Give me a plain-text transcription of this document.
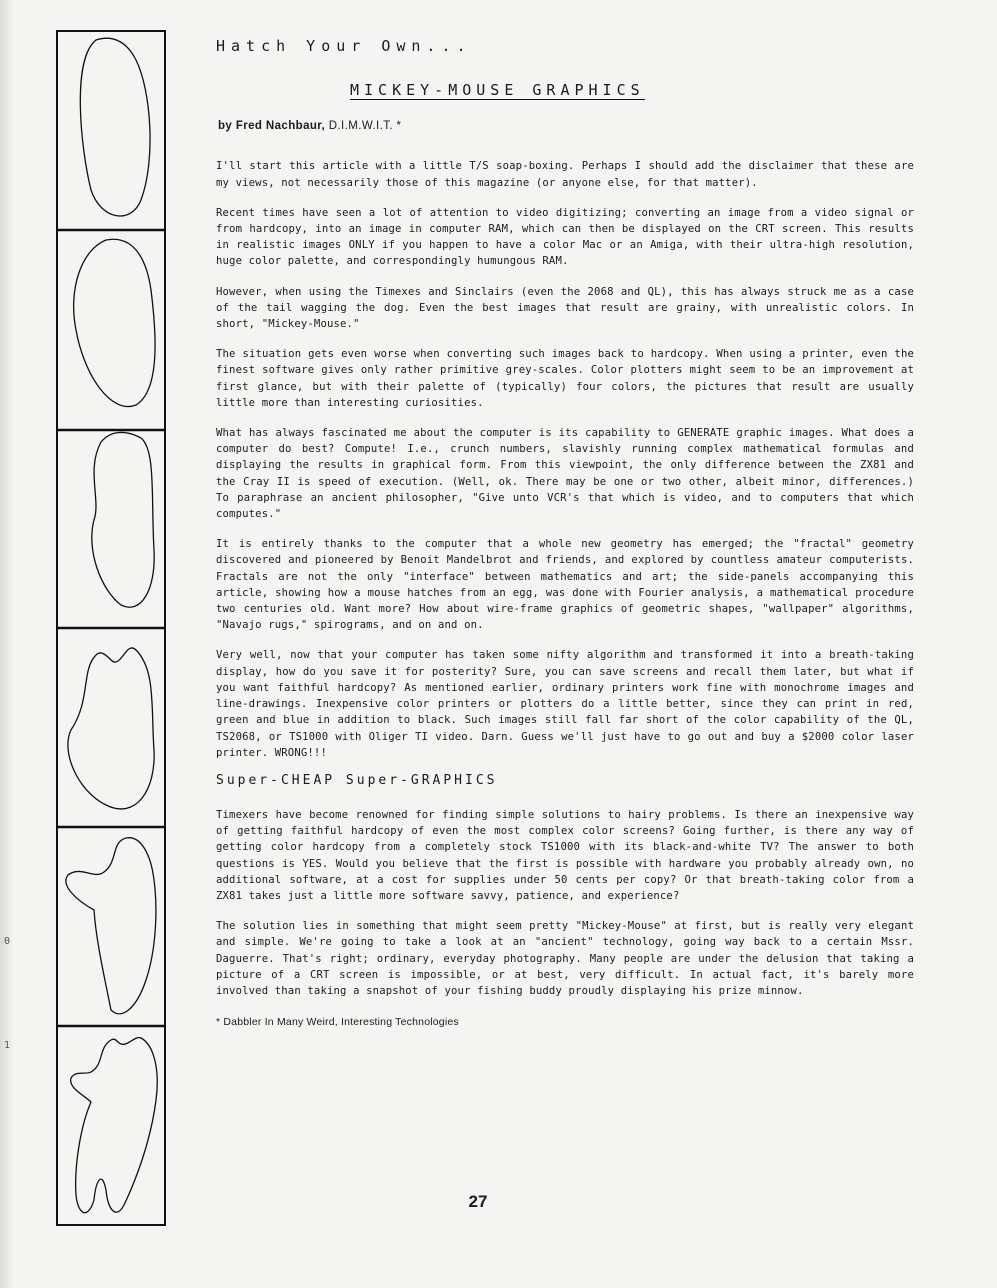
0
1
Hatch Your Own...
MICKEY-MOUSE GRAPHICS
by Fred Nachbaur, D.I.M.W.I.T. *

I'll start this article with a little T/S soap-boxing. Perhaps I should add the disclaimer that these are my views, not necessarily those of this magazine (or anyone else, for that matter).

Recent times have seen a lot of attention to video digitizing; converting an image from a video signal or from hardcopy, into an image in computer RAM, which can then be displayed on the CRT screen. This results in realistic images ONLY if you happen to have a color Mac or an Amiga, with their ultra-high resolution, huge color palette, and correspondingly humungous RAM.

However, when using the Timexes and Sinclairs (even the 2068 and QL), this has always struck me as a case of the tail wagging the dog. Even the best images that result are grainy, with unrealistic colors. In short, "Mickey-Mouse."

The situation gets even worse when converting such images back to hardcopy. When using a printer, even the finest software gives only rather primitive grey-scales. Color plotters might seem to be an improvement at first glance, but with their palette of (typically) four colors, the pictures that result are usually little more than interesting curiosities.

What has always fascinated me about the computer is its capability to GENERATE graphic images. What does a computer do best? Compute! I.e., crunch numbers, slavishly running complex mathematical formulas and displaying the results in graphical form. From this viewpoint, the only difference between the ZX81 and the Cray II is speed of execution. (Well, ok. There may be one or two other, albeit minor, differences.) To paraphrase an ancient philosopher, "Give unto VCR's that which is video, and to computers that which computes."

It is entirely thanks to the computer that a whole new geometry has emerged; the "fractal" geometry discovered and pioneered by Benoit Mandelbrot and friends, and explored by countless amateur computerists. Fractals are not the only "interface" between mathematics and art; the side-panels accompanying this article, showing how a mouse hatches from an egg, was done with Fourier analysis, a mathematical procedure two centuries old. Want more? How about wire-frame graphics of geometric shapes, "wallpaper" algorithms, "Navajo rugs," spirograms, and on and on.

Very well, now that your computer has taken some nifty algorithm and transformed it into a breath-taking display, how do you save it for posterity? Sure, you can save screens and recall them later, but what if you want faithful hardcopy? As mentioned earlier, ordinary printers work fine with monochrome images and line-drawings. Inexpensive color printers or plotters do a little better, since they can print in red, green and blue in addition to black. Such images still fall far short of the color capability of the QL, TS2068, or TS1000 with Oliger TI video. Darn. Guess we'll just have to go out and buy a $2000 color laser printer. WRONG!!!

Super-CHEAP Super-GRAPHICS

Timexers have become renowned for finding simple solutions to hairy problems. Is there an inexpensive way of getting faithful hardcopy of even the most complex color screens? Going further, is there any way of getting color hardcopy from a completely stock TS1000 with its black-and-white TV? The answer to both questions is YES. Would you believe that the first is possible with hardware you probably already own, no additional software, at a cost for supplies under 50 cents per copy? Or that breath-taking color from a ZX81 takes just a little more software savvy, patience, and experience?

The solution lies in something that might seem pretty "Mickey-Mouse" at first, but is really very elegant and simple. We're going to take a look at an "ancient" technology, going way back to a certain Mssr. Daguerre. That's right; ordinary, everyday photography. Many people are under the delusion that taking a picture of a CRT screen is impossible, or at best, very difficult. In actual fact, it's barely more involved than taking a snapshot of your fishing buddy proudly displaying his prize minnow.

* Dabbler In Many Weird, Interesting Technologies
27
